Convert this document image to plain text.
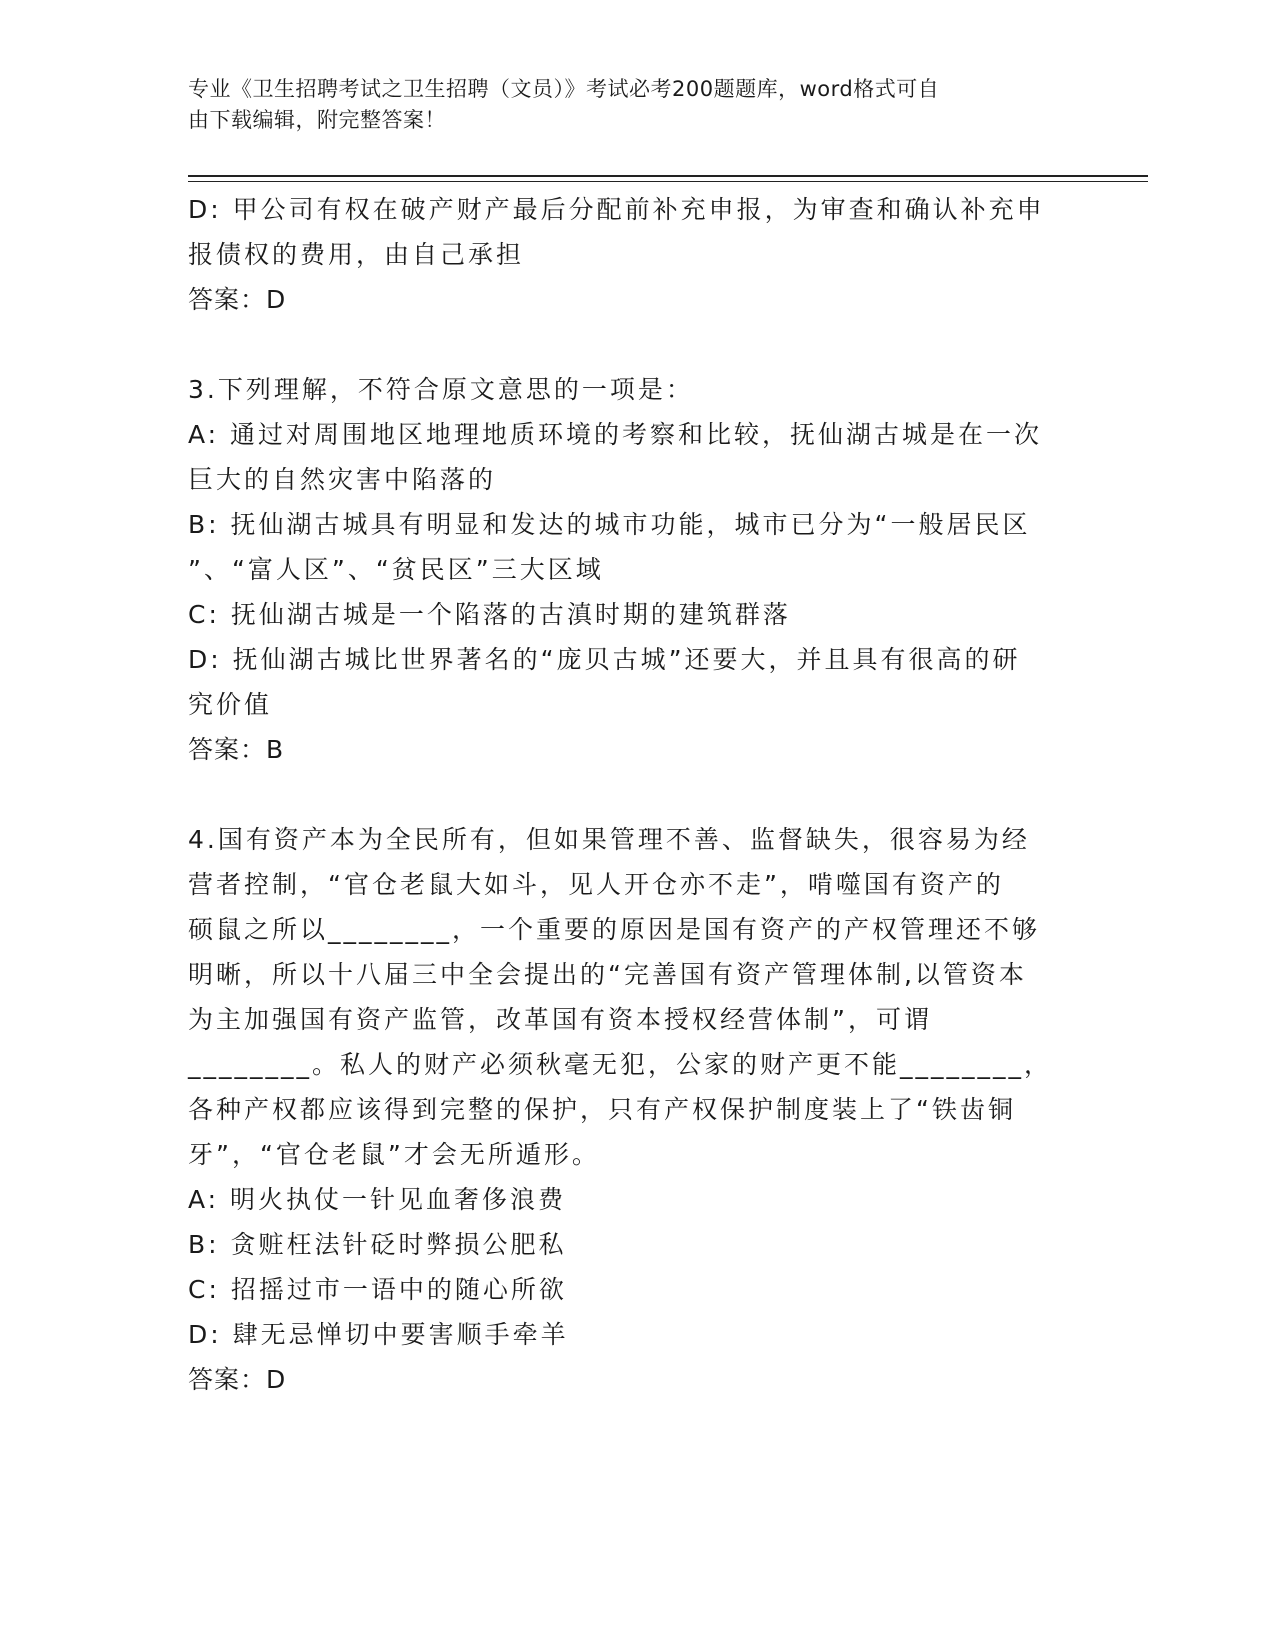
专业《卫生招聘考试之卫生招聘（文员）》考试必考200题题库，word格式可自
由下载编辑，附完整答案！
D: 甲公司有权在破产财产最后分配前补充申报，为审查和确认补充申
报债权的费用，由自己承担
答案：D
3.下列理解，不符合原文意思的一项是：
A: 通过对周围地区地理地质环境的考察和比较，抚仙湖古城是在一次
巨大的自然灾害中陷落的
B: 抚仙湖古城具有明显和发达的城市功能，城市已分为“一般居民区
”、“富人区”、“贫民区”三大区域
C: 抚仙湖古城是一个陷落的古滇时期的建筑群落
D: 抚仙湖古城比世界著名的“庞贝古城”还要大，并且具有很高的研
究价值
答案：B
4.国有资产本为全民所有，但如果管理不善、监督缺失，很容易为经
营者控制，“官仓老鼠大如斗，见人开仓亦不走”，啃噬国有资产的
硕鼠之所以________，一个重要的原因是国有资产的产权管理还不够
明晰，所以十八届三中全会提出的“完善国有资产管理体制,以管资本
为主加强国有资产监管，改革国有资本授权经营体制”，可谓
________。私人的财产必须秋毫无犯，公家的财产更不能________，
各种产权都应该得到完整的保护，只有产权保护制度装上了“铁齿铜
牙”，“官仓老鼠”才会无所遁形。
A: 明火执仗一针见血奢侈浪费
B: 贪赃枉法针砭时弊损公肥私
C: 招摇过市一语中的随心所欲
D: 肆无忌惮切中要害顺手牵羊
答案：D
